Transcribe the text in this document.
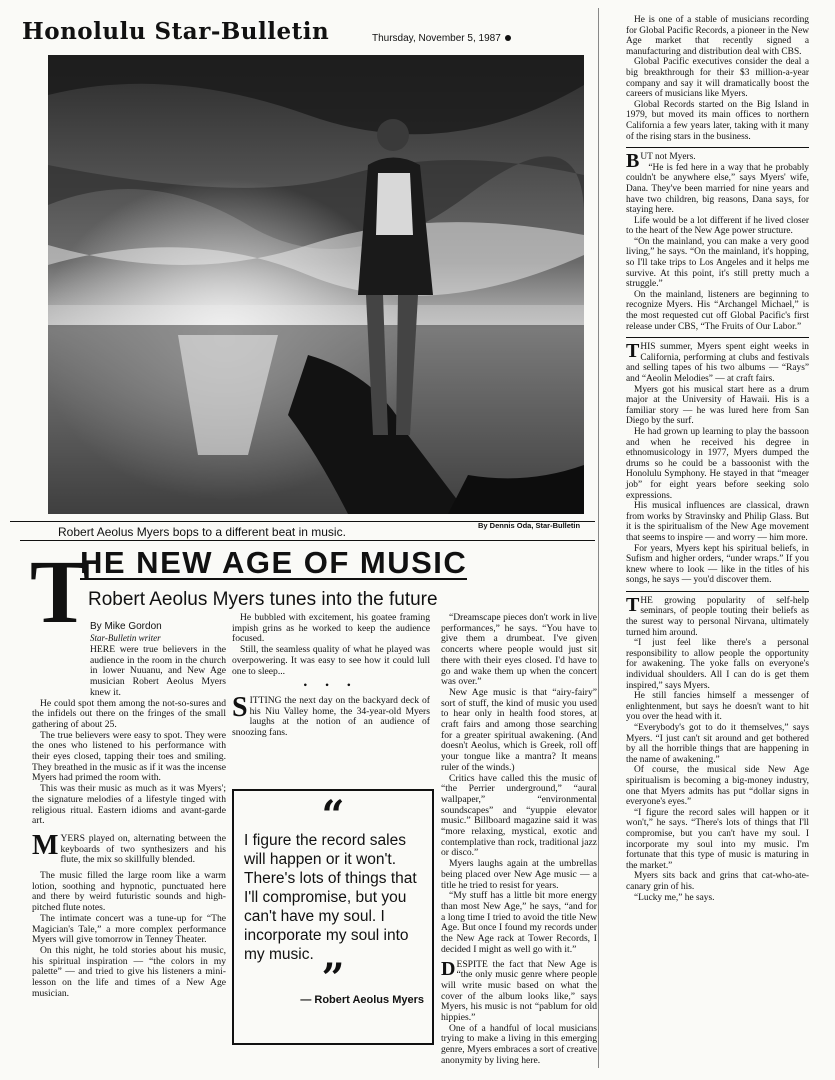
Honolulu Star-Bulletin	Thursday, November 5, 1987
Robert Aeolus Myers bops to a different beat in music.	By Dennis Oda, Star-Bulletin
T
HE NEW AGE OF MUSIC
Robert Aeolus Myers tunes into the future
By Mike Gordon
Star-Bulletin writer

HERE were true believers in the audience in the room in the church in lower Nuuanu, and New Age musician Robert Aeolus Myers knew it.

He could spot them among the not-so-sures and the infidels out there on the fringes of the small gathering of about 25.

The true believers were easy to spot. They were the ones who listened to his performance with their eyes closed, tapping their toes and smiling. They breathed in the music as if it was the incense Myers had primed the room with.

This was their music as much as it was Myers'; the signature melodies of a lifestyle tinged with religious ritual. Eastern idioms and avant-garde art.

MYERS played on, alternating between the keyboards of two synthesizers and his flute, the mix so skillfully blended.

The music filled the large room like a warm lotion, soothing and hypnotic, punctuated here and there by weird futuristic sounds and high-pitched flute notes.

The intimate concert was a tune-up for “The Magician's Tale,” a more complex performance Myers will give tomorrow in Tenney Theater.

On this night, he told stories about his music, his spiritual inspiration — “the colors in my palette” — and tried to give his listeners a mini-lesson on the life and times of a New Age musician.

He bubbled with excitement, his goatee framing impish grins as he worked to keep the audience focused.

Still, the seamless quality of what he played was overpowering. It was easy to see how it could lull one to sleep...

• • •

SITTING the next day on the backyard deck of his Niu Valley home, the 34-year-old Myers laughs at the notion of an audience of snoozing fans.

“
I figure the record sales will happen or it won't. There's lots of things that I'll compromise, but you can't have my soul. I incorporate my soul into my music.
”
— Robert Aeolus Myers

“Dreamscape pieces don't work in live performances,” he says. “You have to give them a drumbeat. I've given concerts where people would just sit there with their eyes closed. I'd have to go and wake them up when the concert was over.”

New Age music is that “airy-fairy” sort of stuff, the kind of music you used to hear only in health food stores, at craft fairs and among those searching for a greater spiritual awakening. (And doesn't Aeolus, which is Greek, roll off your tongue like a mantra? It means ruler of the winds.)

Critics have called this the music of “the Perrier underground,” “aural wallpaper,” “environmental soundscapes” and “yuppie elevator music.” Billboard magazine said it was “more relaxing, mystical, exotic and contemplative than rock, traditional jazz or disco.”

Myers laughs again at the umbrellas being placed over New Age music — a title he tried to resist for years.

“My stuff has a little bit more energy than most New Age,” he says, “and for a long time I tried to avoid the title New Age. But once I found my records under the New Age rack at Tower Records, I decided I might as well go with it.”

DESPITE the fact that New Age is “the only music genre where people will write music based on what the cover of the album looks like,” says Myers, his music is not “pablum for old hippies.”

One of a handful of local musicians trying to make a living in this emerging genre, Myers embraces a sort of creative anonymity by living here.

He is one of a stable of musicians recording for Global Pacific Records, a pioneer in the New Age market that recently signed a manufacturing and distribution deal with CBS.

Global Pacific executives consider the deal a big breakthrough for their $3 million-a-year company and say it will dramatically boost the careers of musicians like Myers.

Global Records started on the Big Island in 1979, but moved its main offices to northern California a few years later, taking with it many of the rising stars in the business.

BUT not Myers.

“He is fed here in a way that he probably couldn't be anywhere else,” says Myers' wife, Dana. They've been married for nine years and have two children, big reasons, Dana says, for staying here.

Life would be a lot different if he lived closer to the heart of the New Age power structure.

“On the mainland, you can make a very good living,” he says. “On the mainland, it's hopping, so I'll take trips to Los Angeles and it helps me survive. At this point, it's still pretty much a struggle.”

On the mainland, listeners are beginning to recognize Myers. His “Archangel Michael,” is the most requested cut off Global Pacific's first release under CBS, “The Fruits of Our Labor.”

THIS summer, Myers spent eight weeks in California, performing at clubs and festivals and selling tapes of his two albums — “Rays” and “Aeolin Melodies” — at craft fairs.

Myers got his musical start here as a drum major at the University of Hawaii. His is a familiar story — he was lured here from San Diego by the surf.

He had grown up learning to play the bassoon and when he received his degree in ethnomusicology in 1977, Myers dumped the drums so he could be a bassoonist with the Honolulu Symphony. He stayed in that “meager job” for eight years before seeking solo expressions.

His musical influences are classical, drawn from works by Stravinsky and Philip Glass. But it is the spiritualism of the New Age movement that seems to inspire — and worry — him more.

For years, Myers kept his spiritual beliefs, in Sufism and higher orders, “under wraps.” If you knew where to look — like in the titles of his songs, he says — you'd discover them.

THE growing popularity of self-help seminars, of people touting their beliefs as the surest way to personal Nirvana, ultimately turned him around.

“I just feel like there's a personal responsibility to allow people the opportunity for awakening. The yoke falls on everyone's individual shoulders. All I can do is get them inspired,” says Myers.

He still fancies himself a messenger of enlightenment, but says he doesn't want to hit you over the head with it.

“Everybody's got to do it themselves,” says Myers. “I just can't sit around and get bothered by all the horrible things that are happening in the name of awakening.”

Of course, the musical side New Age spiritualism is becoming a big-money industry, one that Myers admits has put “dollar signs in everyone's eyes.”

“I figure the record sales will happen or it won't,” he says. “There's lots of things that I'll compromise, but you can't have my soul. I incorporate my soul into my music. I'm fortunate that this type of music is maturing in the market.”

Myers sits back and grins that cat-who-ate-canary grin of his.

“Lucky me,” he says.
